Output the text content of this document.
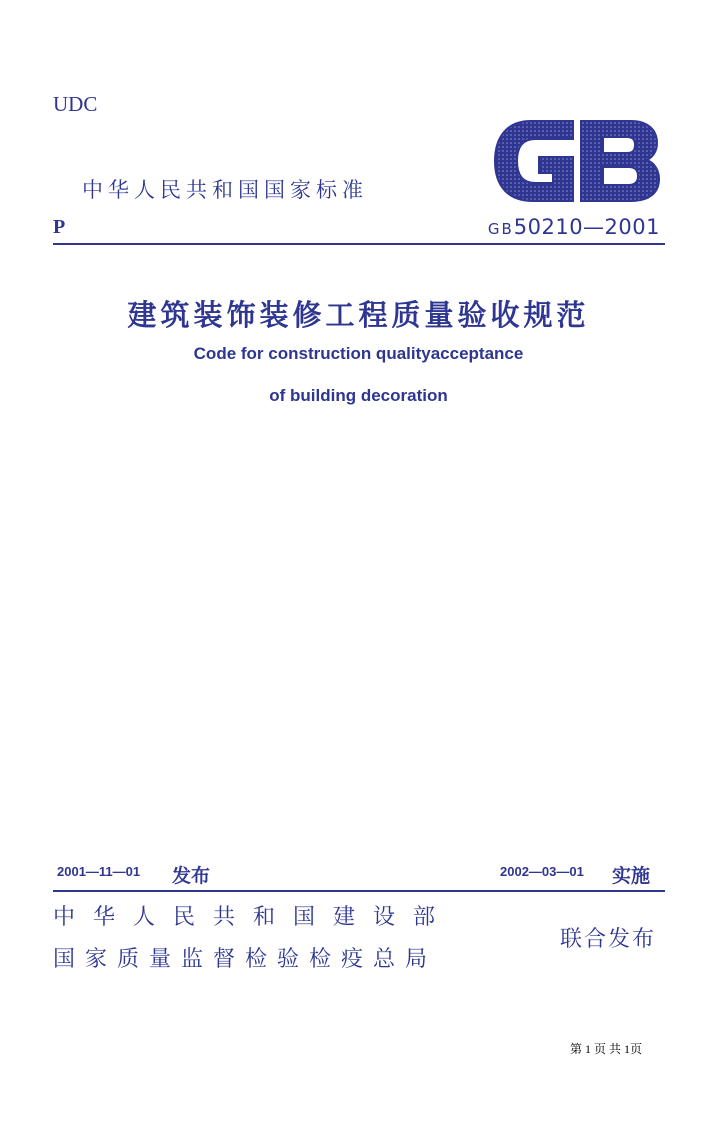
UDC
中华人民共和国国家标准
P	GB50210—2001
建筑装饰装修工程质量验收规范
Code for construction qualityacceptance
of building decoration
2001—11—01 发布	2002—03—01 实施
中华人民共和国建设部
国家质量监督检验检疫总局
联合发布
第 1 页 共 1页
